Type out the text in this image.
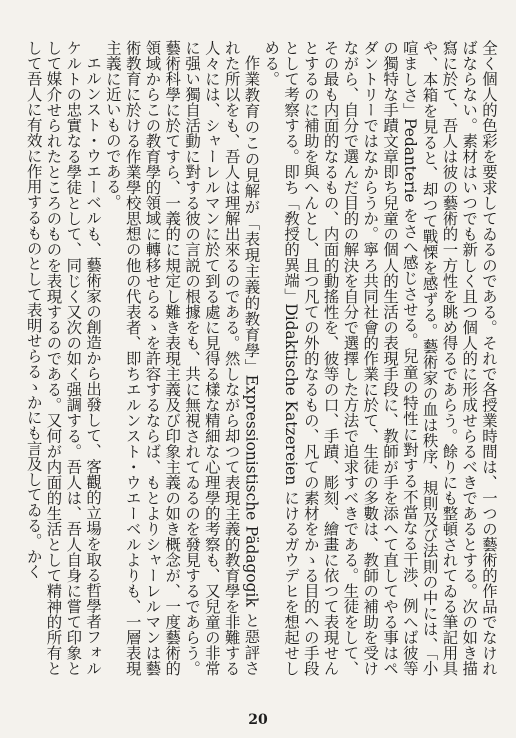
全く個人的色彩を要求してゐるのである。それで各授業時間は、一つの藝術的作品でなければならない。素材はいつでも新しく且つ個人的に形成せらるべきであるとする。次の如き描寫に於て、吾人は彼の藝術的一方性を眺め得るであらう。餘りにも整頓されてゐる筆記用具や、本箱を見ると、却つて戰慄を感ずる。藝術家の血は秩序、規則及び法則の中には、「小喧ましさ」Pedanterie をさへ感じさせる。兒童の特性に對する不當なる干渉、例へば彼等の獨特な手蹟文章即ち兒童の個人的生活の表現手段に、教師が手を添へて直してやる事はペダントリーではなからうか。寧ろ共同社會的作業に於て、生徒の多數は、教師の補助を受けながら、自分で選んだ目的の解決を自分で選擇した方法で追求すべきである。生徒をして、その最も内面的なるもの、内面的動搖性を、彼等の口、手蹟、彫刻、繪畫に依つて表現せんとするのに補助を與へんとし、且つ凡ての外的なるもの、凡ての素材をかゝる目的への手段として考察する。即ち「敎授的異端」Didaktische Katzereien にけるガウデヒを想起せしめる。

作業教育のこの見解が「表現主義的教育學」Expressionistische Pädagogik と惡評された所以をも、吾人は理解出來るのである。然しながら却つて表現主義的教育學を非難する人々には、シャーレルマンに於て到る處に見得る樣な精細な心理學的考察も、又兒童の非常に强い獨自活動に對する彼の言説の根據をも、共に無視されてゐるのを發見するであらう。藝術科學に於てすら、一義的に規定し難き表現主義及び印象主義の如き概念が、一度藝術的領域からこの教育學的領域に轉移せらるゝを許容するならば、もとよりシャーレルマンは藝術教育に於ける作業學校思想の他の代表者、即ちエルンスト・ウエーベルよりも、一層表現主義に近いものである。

エルンスト・ウエーベルも、藝術家の創造から出發して、客觀的立場を取る哲學者フォルケルトの忠實なる學徒として、同じく又次の如く强調する。吾人は、吾人自身に嘗て印象として媒介せられたところのものを表現するのである。又何が内面的生活として精神的所有として吾人に有效に作用するものとして表明せらるゝかにも言及してゐる。かく

20
